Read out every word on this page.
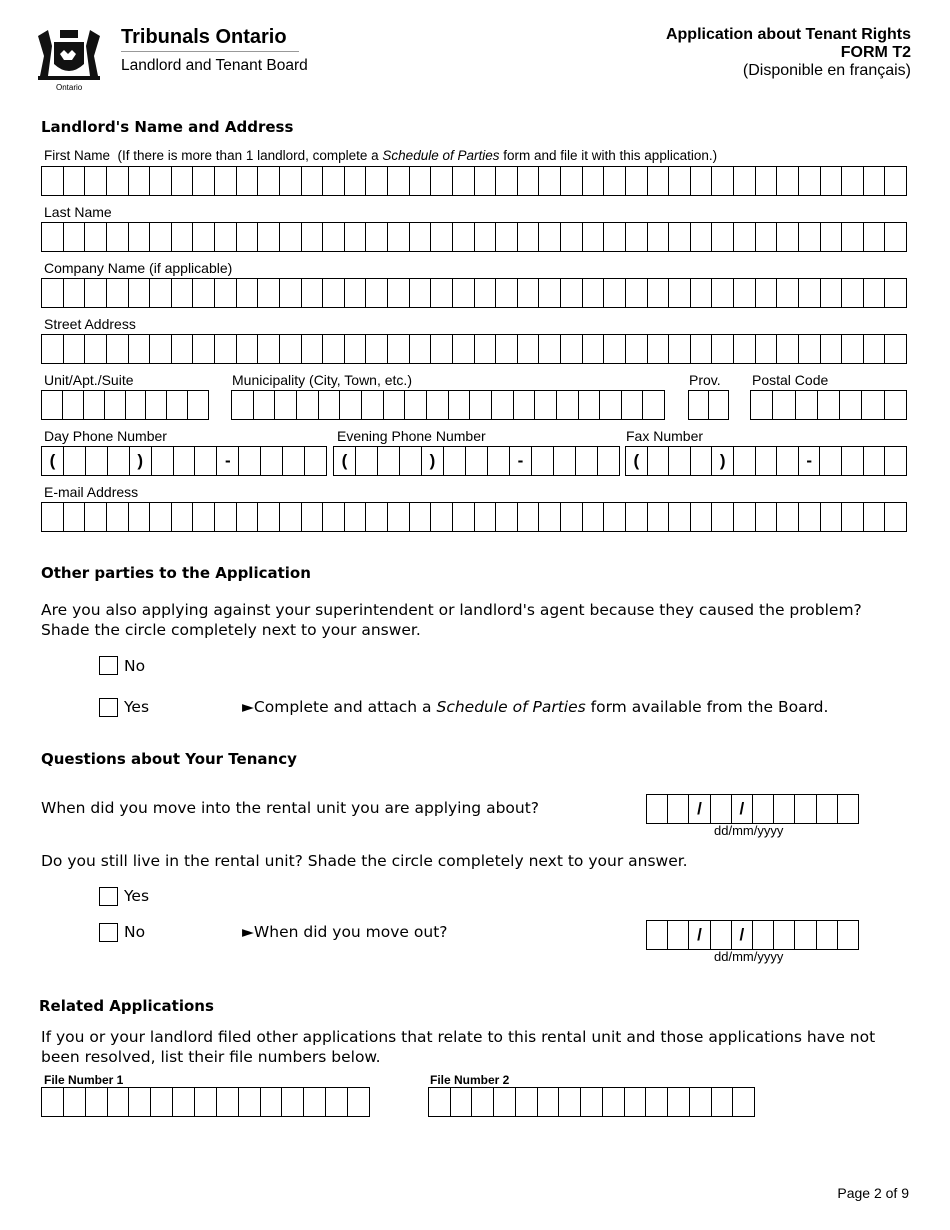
Ontario
Tribunals Ontario
Landlord and Tenant Board
Application about Tenant Rights
FORM T2
(Disponible en français)
Landlord's Name and Address
First Name (If there is more than 1 landlord, complete a Schedule of Parties form and file it with this application.)
Last Name
Company Name (if applicable)
Street Address
Unit/Apt./Suite	Municipality (City, Town, etc.)	Prov. Postal Code
Day Phone Number	Evening Phone Number	Fax Number
(	)	-	(	)	-	(	)	-
E-mail Address
Other parties to the Application
Are you also applying against your superintendent or landlord's agent because they caused the problem? Shade the circle completely next to your answer.
No
Yes	►Complete and attach a Schedule of Parties form available from the Board.
Questions about Your Tenancy
When did you move into the rental unit you are applying about?	/ /
dd/mm/yyyy
Do you still live in the rental unit? Shade the circle completely next to your answer.
Yes
No	►When did you move out?	/ /
dd/mm/yyyy
Related Applications
If you or your landlord filed other applications that relate to this rental unit and those applications have not been resolved, list their file numbers below.
File Number 1	File Number 2
Page 2 of 9
